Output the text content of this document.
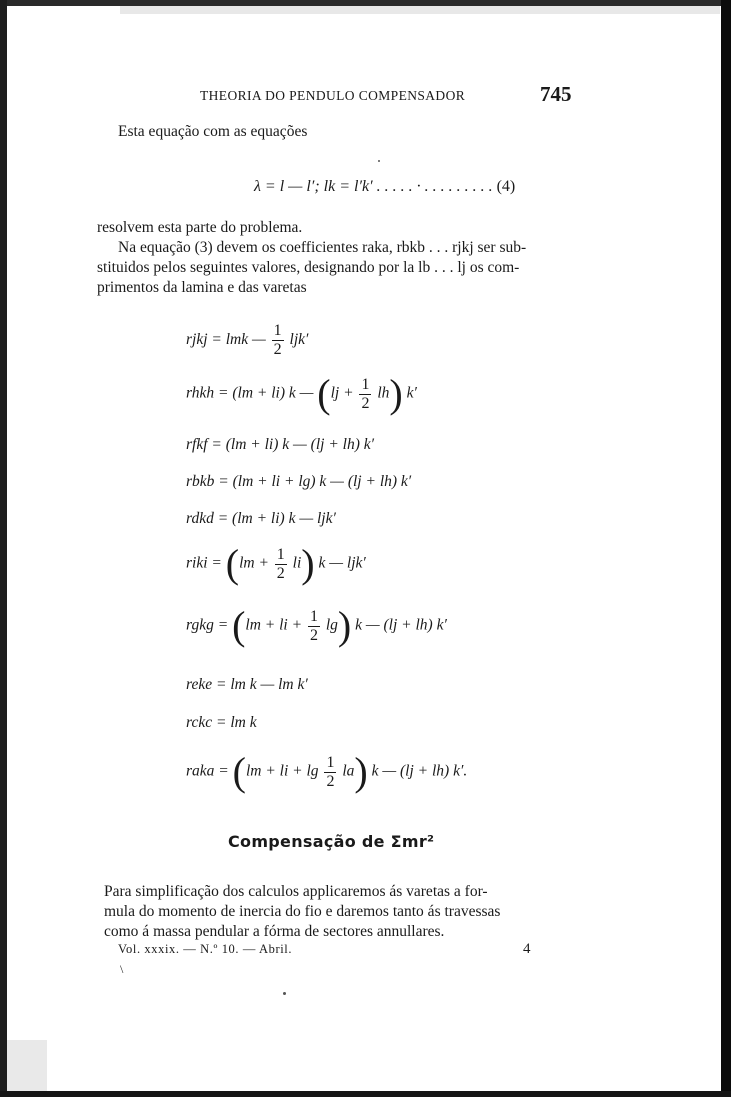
THEORIA DO PENDULO COMPENSADOR	745
Esta equação com as equações
λ = l — l′; lk = l′k′ . . . . . · . . . . . . . . . (4)
resolvem esta parte do problema.
Na equação (3) devem os coefficientes raka, rbkb . . . rjkj ser sub-
stituidos pelos seguintes valores, designando por la lb . . . lj os com-
primentos da lamina e das varetas
rjkj = lmk — $\frac{1}{2} ljk'$
rhkh = (lm + li) k — $(lj + \frac{1}{2} lh)$ k′
rfkf = (lm + li) k — (lj + lh) k′
rbkb = (lm + li + lg) k — (lj + lh) k′
rdkd = (lm + li) k — ljk′
riki = $(lm + \frac{1}{2} li)$ k — ljk′
rgkg = (lm + li + $\frac{1}{2} \lg$) k — (lj + lh) k′
reke = lm k — lm k′
rckc = lm k
raka = (lm + li + $\lg \frac{1}{2} la$) k — (lj + lh) k′.
Compensação de Σmr²
Para simplificação dos calculos applicaremos ás varetas a for-
mula do momento de inercia do fio e daremos tanto ás travessas
como á massa pendular a fórma de sectores annullares.
Vol. xxxix. — N.º 10. — Abril.	4
\
